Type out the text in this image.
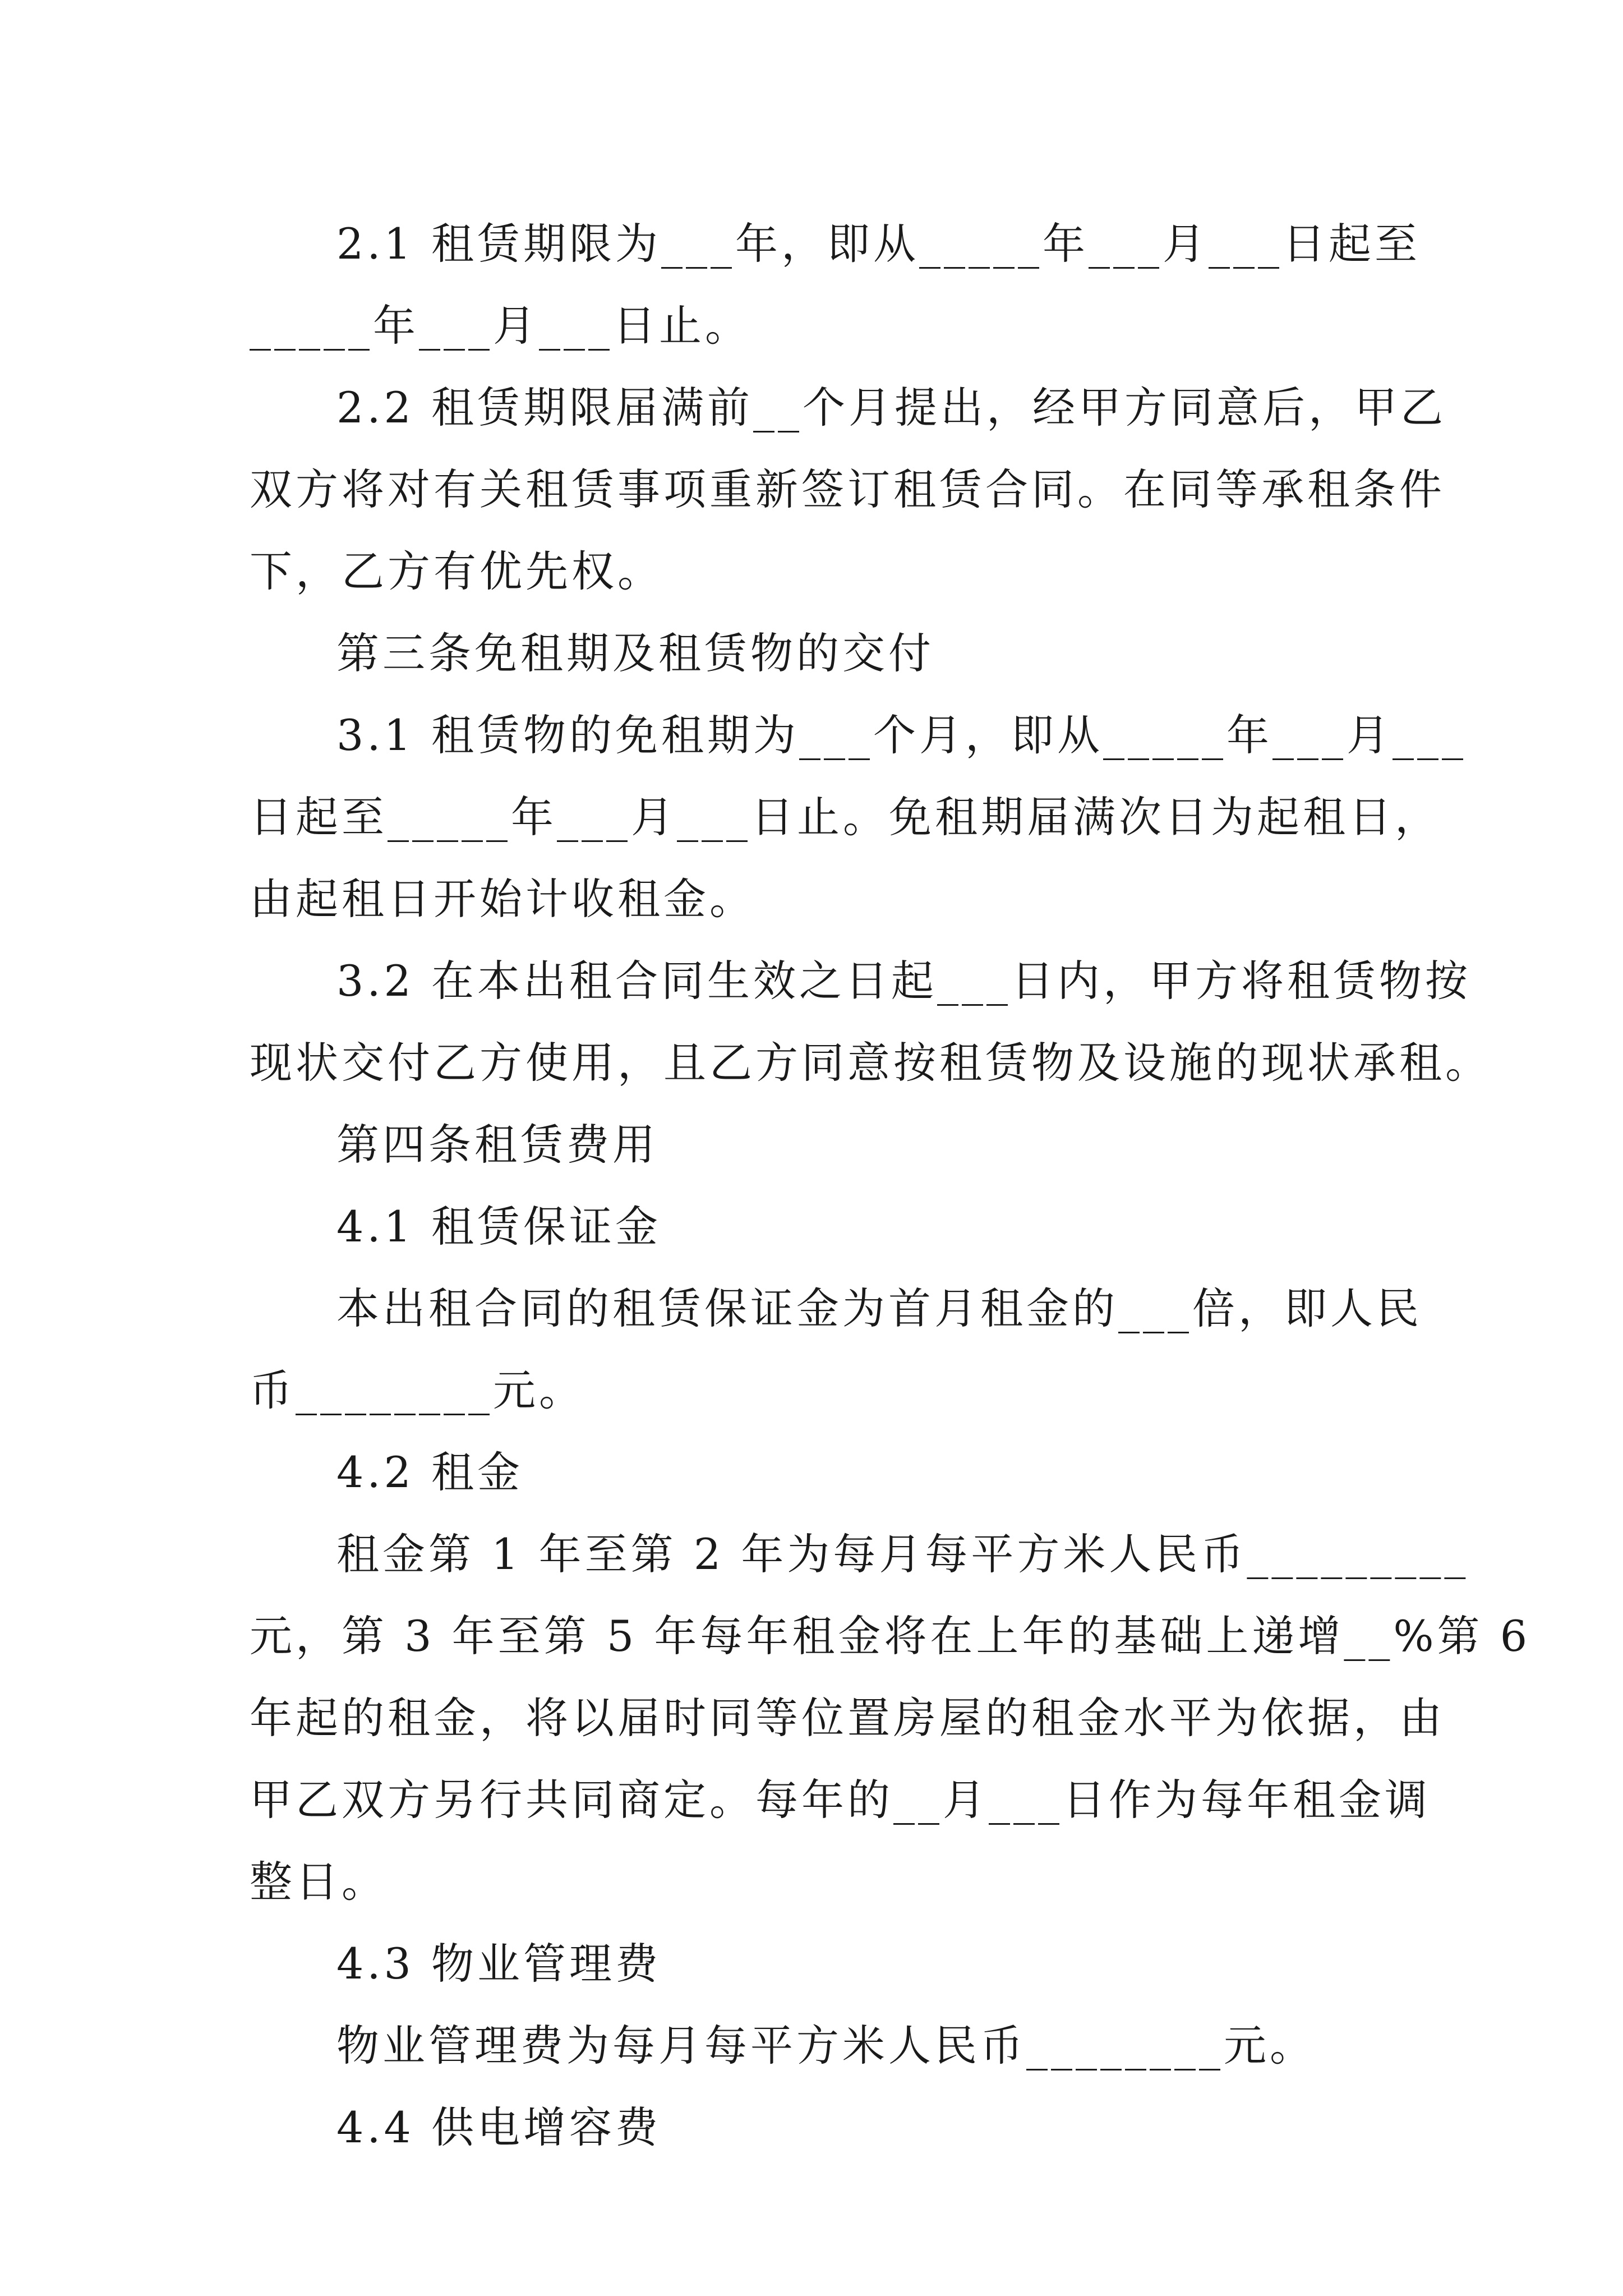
2.1 租赁期限为___年，即从_____年___月___日起至
_____年___月___日止。
2.2 租赁期限届满前__个月提出，经甲方同意后，甲乙
双方将对有关租赁事项重新签订租赁合同。在同等承租条件
下，乙方有优先权。
第三条免租期及租赁物的交付
3.1 租赁物的免租期为___个月，即从_____年___月___
日起至_____年___月___日止。免租期届满次日为起租日，
由起租日开始计收租金。
3.2 在本出租合同生效之日起___日内，甲方将租赁物按
现状交付乙方使用，且乙方同意按租赁物及设施的现状承租。
第四条租赁费用
4.1 租赁保证金
本出租合同的租赁保证金为首月租金的___倍，即人民
币________元。
4.2 租金
租金第 1 年至第 2 年为每月每平方米人民币_________
元，第 3 年至第 5 年每年租金将在上年的基础上递增__%第 6
年起的租金，将以届时同等位置房屋的租金水平为依据，由
甲乙双方另行共同商定。每年的__月___日作为每年租金调
整日。
4.3 物业管理费
物业管理费为每月每平方米人民币________元。
4.4 供电增容费
